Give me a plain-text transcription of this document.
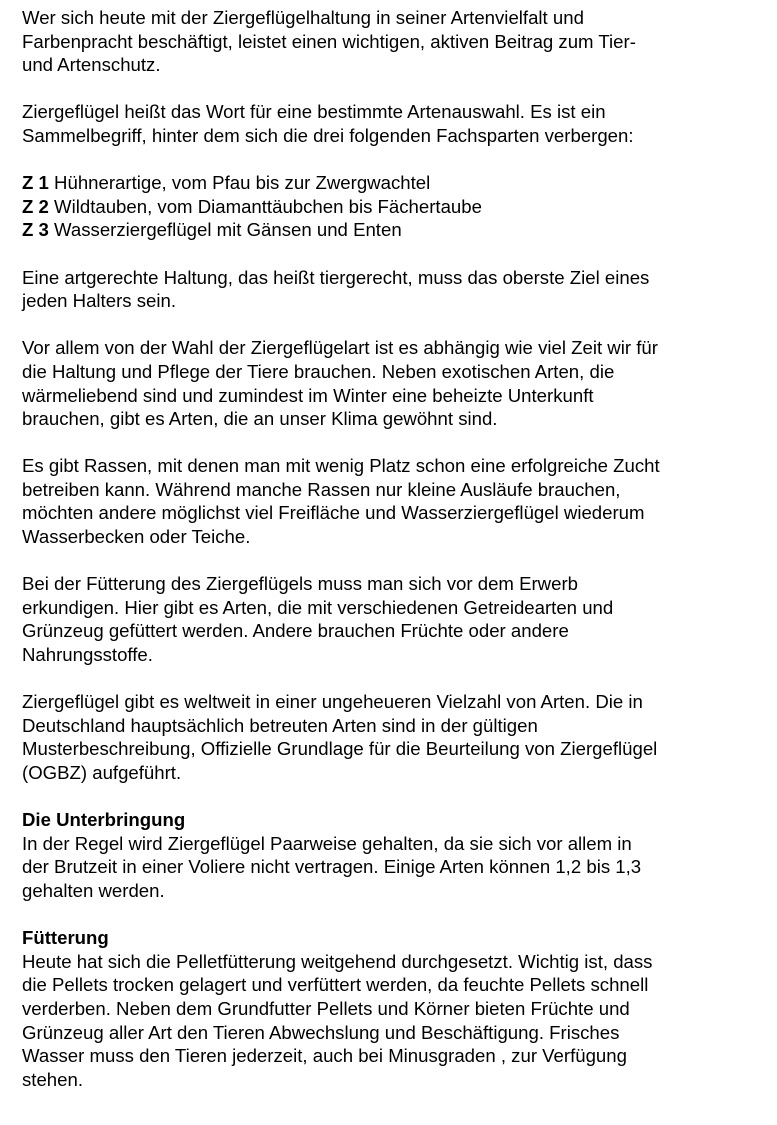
Wer sich heute mit der Ziergeflügelhaltung in seiner Artenvielfalt und
Farbenpracht beschäftigt, leistet einen wichtigen, aktiven Beitrag zum Tier-
und Artenschutz.

Ziergeflügel heißt das Wort für eine bestimmte Artenauswahl. Es ist ein
Sammelbegriff, hinter dem sich die drei folgenden Fachsparten verbergen:

Z 1 Hühnerartige, vom Pfau bis zur Zwergwachtel
Z 2 Wildtauben, vom Diamanttäubchen bis Fächertaube
Z 3 Wasserziergeflügel mit Gänsen und Enten

Eine artgerechte Haltung, das heißt tiergerecht, muss das oberste Ziel eines
jeden Halters sein.

Vor allem von der Wahl der Ziergeflügelart ist es abhängig wie viel Zeit wir für
die Haltung und Pflege der Tiere brauchen. Neben exotischen Arten, die
wärmeliebend sind und zumindest im Winter eine beheizte Unterkunft
brauchen, gibt es Arten, die an unser Klima gewöhnt sind.

Es gibt Rassen, mit denen man mit wenig Platz schon eine erfolgreiche Zucht
betreiben kann. Während manche Rassen nur kleine Ausläufe brauchen,
möchten andere möglichst viel Freifläche und Wasserziergeflügel wiederum
Wasserbecken oder Teiche.

Bei der Fütterung des Ziergeflügels muss man sich vor dem Erwerb
erkundigen. Hier gibt es Arten, die mit verschiedenen Getreidearten und
Grünzeug gefüttert werden. Andere brauchen Früchte oder andere
Nahrungsstoffe.

Ziergeflügel gibt es weltweit in einer ungeheueren Vielzahl von Arten. Die in
Deutschland hauptsächlich betreuten Arten sind in der gültigen
Musterbeschreibung, Offizielle Grundlage für die Beurteilung von Ziergeflügel
(OGBZ) aufgeführt.

Die Unterbringung
In der Regel wird Ziergeflügel Paarweise gehalten, da sie sich vor allem in
der Brutzeit in einer Voliere nicht vertragen. Einige Arten können 1,2 bis 1,3
gehalten werden.

Fütterung
Heute hat sich die Pelletfütterung weitgehend durchgesetzt. Wichtig ist, dass
die Pellets trocken gelagert und verfüttert werden, da feuchte Pellets schnell
verderben. Neben dem Grundfutter Pellets und Körner bieten Früchte und
Grünzeug aller Art den Tieren Abwechslung und Beschäftigung. Frisches
Wasser muss den Tieren jederzeit, auch bei Minusgraden , zur Verfügung
stehen.
